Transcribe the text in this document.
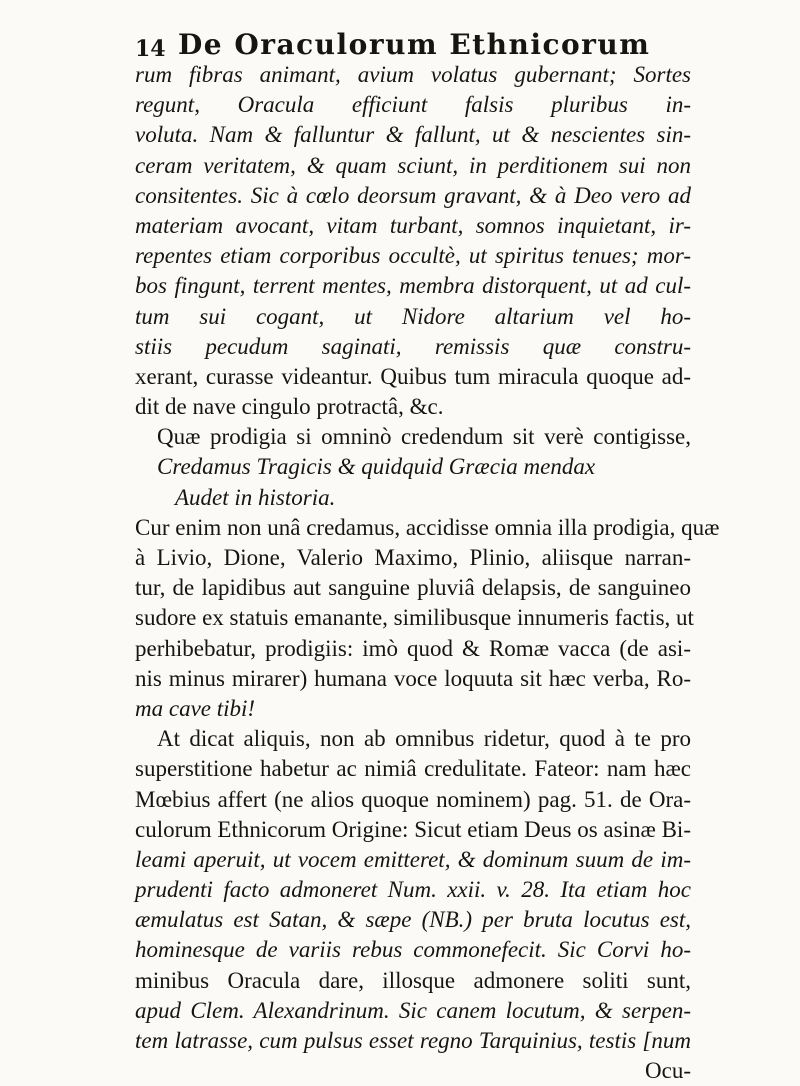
14 De Oraculorum Ethnicorum
rum fibras animant, avium volatus gubernant; Sortes
regunt, Oracula efficiunt falsis pluribus in-
voluta. Nam & falluntur & fallunt, ut & nescientes sin-
ceram veritatem, & quam sciunt, in perditionem sui non
consitentes. Sic à cœlo deorsum gravant, & à Deo vero ad
materiam avocant, vitam turbant, somnos inquietant, ir-
repentes etiam corporibus occultè, ut spiritus tenues; mor-
bos fingunt, terrent mentes, membra distorquent, ut ad cul-
tum sui cogant, ut Nidore altarium vel ho-
stiis pecudum saginati, remissis quæ constru-
xerant, curasse videantur. Quibus tum miracula quoque ad-
dit de nave cingulo protractâ, &c.
Quæ prodigia si omninò credendum sit verè contigisse,
Credamus Tragicis & quidquid Græcia mendax
Audet in historia.
Cur enim non unâ credamus, accidisse omnia illa prodigia, quæ
à Livio, Dione, Valerio Maximo, Plinio, aliisque narran-
tur, de lapidibus aut sanguine pluviâ delapsis, de sanguineo
sudore ex statuis emanante, similibusque innumeris factis, ut
perhibebatur, prodigiis: imò quod & Romæ vacca (de asi-
nis minus mirarer) humana voce loquuta sit hæc verba, Ro-
ma cave tibi!
At dicat aliquis, non ab omnibus ridetur, quod à te pro
superstitione habetur ac nimiâ credulitate. Fateor: nam hæc
Mœbius affert (ne alios quoque nominem) pag. 51. de Ora-
culorum Ethnicorum Origine: Sicut etiam Deus os asinæ Bi-
leami aperuit, ut vocem emitteret, & dominum suum de im-
prudenti facto admoneret Num. xxii. v. 28. Ita etiam hoc
æmulatus est Satan, & sæpe (NB.) per bruta locutus est,
hominesque de variis rebus commonefecit. Sic Corvi ho-
minibus Oracula dare, illosque admonere soliti sunt,
apud Clem. Alexandrinum. Sic canem locutum, & serpen-
tem latrasse, cum pulsus esset regno Tarquinius, testis [num
Ocu-
